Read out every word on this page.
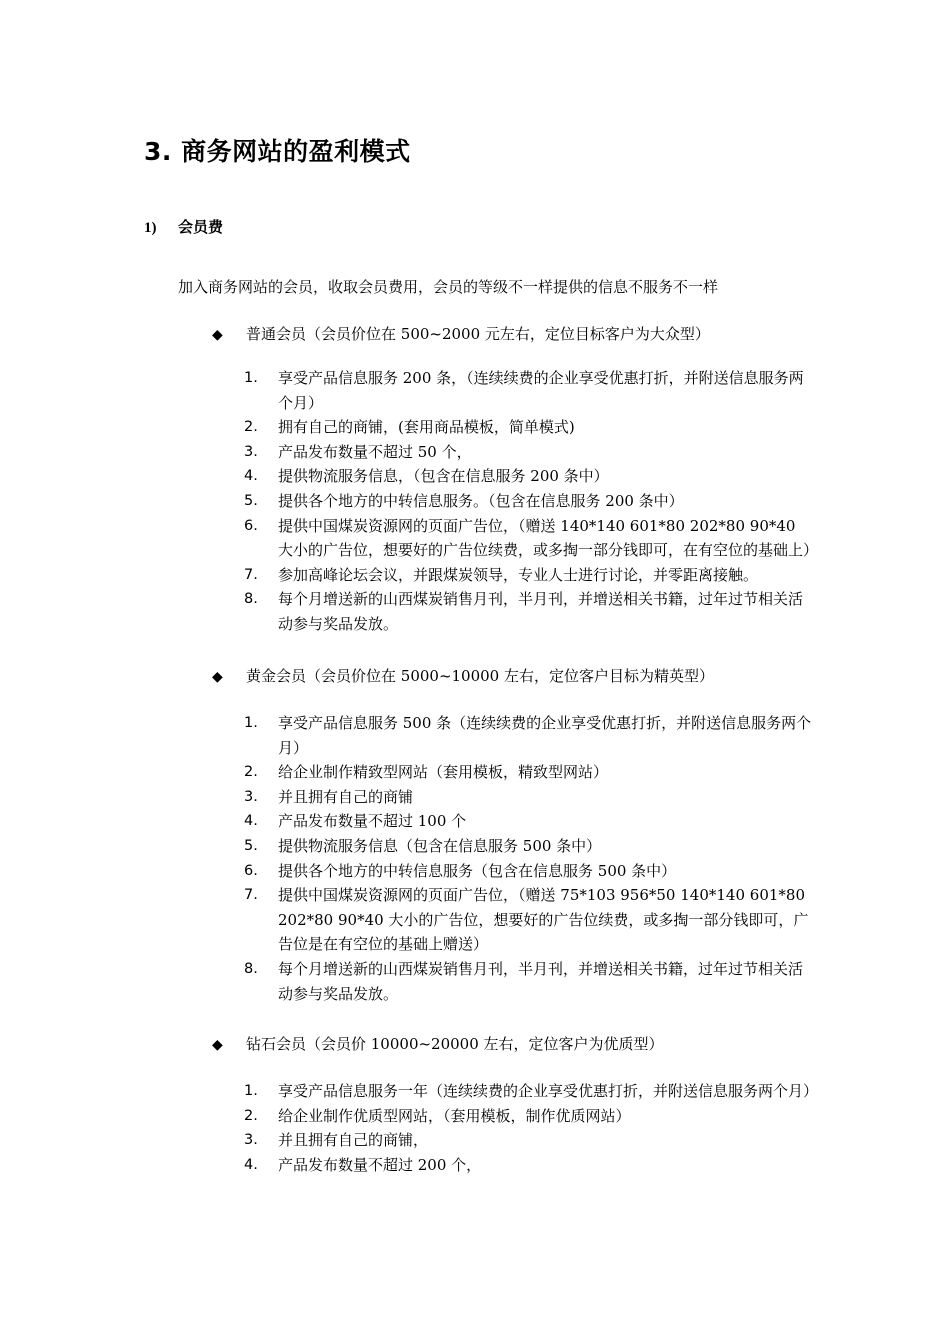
3. 商务网站的盈利模式
1) 会员费
加入商务网站的会员，收取会员费用，会员的等级不一样提供的信息不服务不一样
◆ 普通会员（会员价位在 500~2000 元左右，定位目标客户为大众型）
1.	享受产品信息服务 200 条，（连续续费的企业享受优惠打折，并附送信息服务两个月）
2.	拥有自己的商铺，(套用商品模板，简单模式)
3.	产品发布数量不超过 50 个，
4.	提供物流服务信息，（包含在信息服务 200 条中）
5.	提供各个地方的中转信息服务。（包含在信息服务 200 条中）
6.	提供中国煤炭资源网的页面广告位，（赠送 140*140 601*80 202*80 90*40 大小的广告位，想要好的广告位续费，或多掏一部分钱即可，在有空位的基础上）
7.	参加高峰论坛会议，并跟煤炭领导，专业人士进行讨论，并零距离接触。
8.	每个月增送新的山西煤炭销售月刊，半月刊，并增送相关书籍，过年过节相关活动参与奖品发放。
◆ 黄金会员（会员价位在 5000~10000 左右，定位客户目标为精英型）
1.	享受产品信息服务 500 条（连续续费的企业享受优惠打折，并附送信息服务两个月）
2.	给企业制作精致型网站（套用模板，精致型网站）
3.	并且拥有自己的商铺
4.	产品发布数量不超过 100 个
5.	提供物流服务信息（包含在信息服务 500 条中）
6.	提供各个地方的中转信息服务（包含在信息服务 500 条中）
7.	提供中国煤炭资源网的页面广告位，（赠送 75*103 956*50 140*140 601*80 202*80 90*40 大小的广告位，想要好的广告位续费，或多掏一部分钱即可，广告位是在有空位的基础上赠送）
8.	每个月增送新的山西煤炭销售月刊，半月刊，并增送相关书籍，过年过节相关活动参与奖品发放。
◆ 钻石会员（会员价 10000~20000 左右，定位客户为优质型）
1.	享受产品信息服务一年（连续续费的企业享受优惠打折，并附送信息服务两个月）
2.	给企业制作优质型网站，（套用模板，制作优质网站）
3.	并且拥有自己的商铺，
4.	产品发布数量不超过 200 个，
